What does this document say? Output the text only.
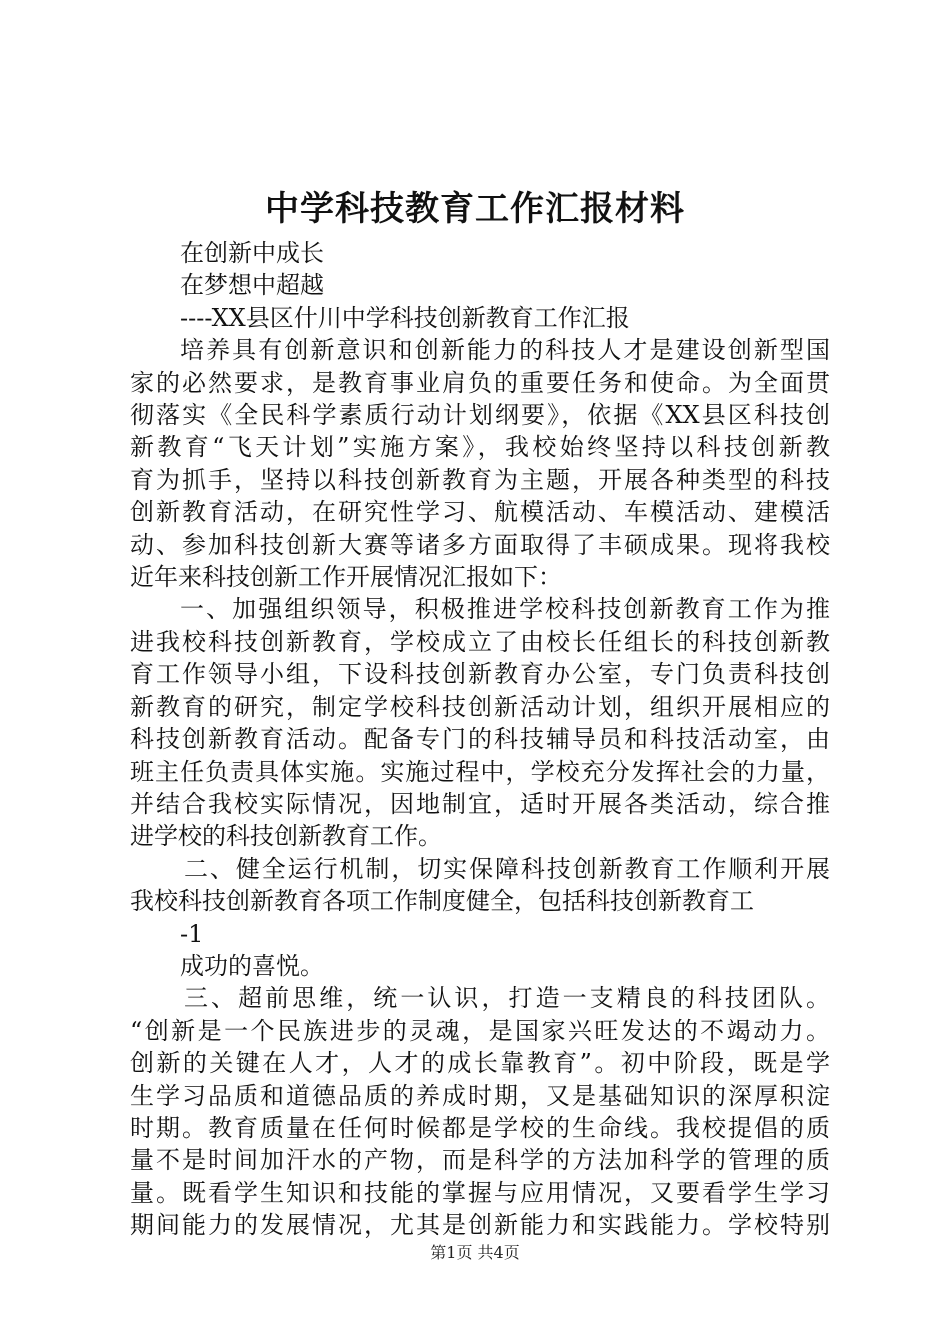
中学科技教育工作汇报材料
在创新中成长
在梦想中超越
----XX县区什川中学科技创新教育工作汇报
培养具有创新意识和创新能力的科技人才是建设创新型国
家的必然要求，是教育事业肩负的重要任务和使命。为全面贯
彻落实《全民科学素质行动计划纲要》，依据《XX县区科技创
新教育“飞天计划”实施方案》，我校始终坚持以科技创新教
育为抓手，坚持以科技创新教育为主题，开展各种类型的科技
创新教育活动，在研究性学习、航模活动、车模活动、建模活
动、参加科技创新大赛等诸多方面取得了丰硕成果。现将我校
近年来科技创新工作开展情况汇报如下：
一、加强组织领导，积极推进学校科技创新教育工作为推
进我校科技创新教育，学校成立了由校长任组长的科技创新教
育工作领导小组，下设科技创新教育办公室，专门负责科技创
新教育的研究，制定学校科技创新活动计划，组织开展相应的
科技创新教育活动。配备专门的科技辅导员和科技活动室，由
班主任负责具体实施。实施过程中，学校充分发挥社会的力量，
并结合我校实际情况，因地制宜，适时开展各类活动，综合推
进学校的科技创新教育工作。
二、健全运行机制，切实保障科技创新教育工作顺利开展
我校科技创新教育各项工作制度健全，包括科技创新教育工
-1
成功的喜悦。
三、超前思维，统一认识，打造一支精良的科技团队。
“创新是一个民族进步的灵魂，是国家兴旺发达的不竭动力。
创新的关键在人才，人才的成长靠教育”。初中阶段，既是学
生学习品质和道德品质的养成时期，又是基础知识的深厚积淀
时期。教育质量在任何时候都是学校的生命线。我校提倡的质
量不是时间加汗水的产物，而是科学的方法加科学的管理的质
量。既看学生知识和技能的掌握与应用情况，又要看学生学习
期间能力的发展情况，尤其是创新能力和实践能力。学校特别
第1页 共4页
